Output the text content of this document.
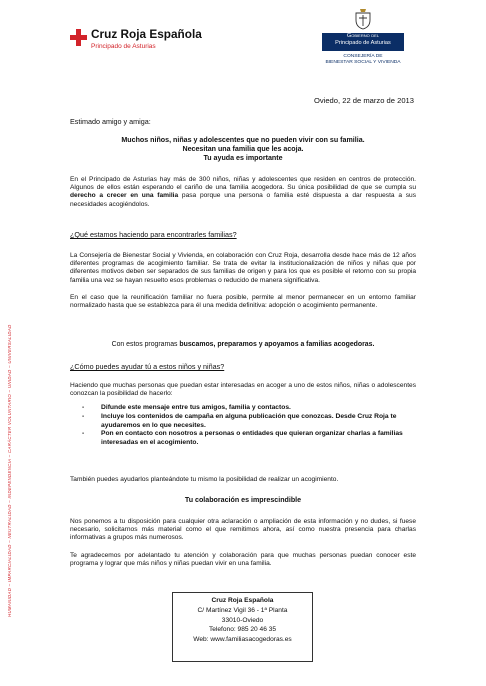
Cruz Roja Española
Principado de Asturias
Gobierno del
Principado de Asturias
CONSEJERÍA DE
BIENESTAR SOCIAL Y VIVIENDA
HUMANIDAD – IMPARCIALIDAD – NEUTRALIDAD – INDEPENDENCIA – CARÁCTER VOLUNTARIO – UNIDAD – UNIVERSALIDAD
Oviedo, 22 de marzo de 2013
Estimado amigo y amiga:
Muchos niños, niñas y adolescentes que no pueden vivir con su familia.
Necesitan una familia que les acoja.
Tu ayuda es importante

En el Principado de Asturias hay más de 300 niños, niñas y adolescentes que residen en centros de protección. Algunos de ellos están esperando el cariño de una familia acogedora. Su única posibilidad de que se cumpla su derecho a crecer en una familia pasa porque una persona o familia esté dispuesta a dar respuesta a sus necesidades acogiéndolos.

¿Qué estamos haciendo para encontrarles familias?

La Consejería de Bienestar Social y Vivienda, en colaboración con Cruz Roja, desarrolla desde hace más de 12 años diferentes programas de acogimiento familiar. Se trata de evitar la institucionalización de niños y niñas que por diferentes motivos deben ser separados de sus familias de origen y para los que es posible el retorno con su propia familia una vez se hayan resuelto esos problemas o reducido de manera significativa.

En el caso que la reunificación familiar no fuera posible, permite al menor permanecer en un entorno familiar normalizado hasta que se establezca para él una medida definitiva: adopción o acogimiento permanente.

Con estos programas buscamos, preparamos y apoyamos a familias acogedoras.
¿Cómo puedes ayudar tú a estos niños y niñas?

Haciendo que muchas personas que puedan estar interesadas en acoger a uno de estos niños, niñas o adolescentes conozcan la posibilidad de hacerlo:

- Difunde este mensaje entre tus amigos, familia y contactos.
- Incluye los contenidos de campaña en alguna publicación que conozcas. Desde Cruz Roja te ayudaremos en lo que necesites.
- Pon en contacto con nosotros a personas o entidades que quieran organizar charlas a familias interesadas en el acogimiento.

También puedes ayudarlos planteándote tu mismo la posibilidad de realizar un acogimiento.

Tu colaboración es imprescindible

Nos ponemos a tu disposición para cualquier otra aclaración o ampliación de esta información y no dudes, si fuese necesario, solicitarnos más material como el que remitimos ahora, así como nuestra presencia para charlas informativas a grupos más numerosos.

Te agradecemos por adelantado tu atención y colaboración para que muchas personas puedan conocer este programa y lograr que más niños y niñas puedan vivir en una familia.

Cruz Roja Española
C/ Martínez Vigil 36 - 1ª Planta
33010-Oviedo
Telefono: 985 20 46 35
Web: www.familiasacogedoras.es
